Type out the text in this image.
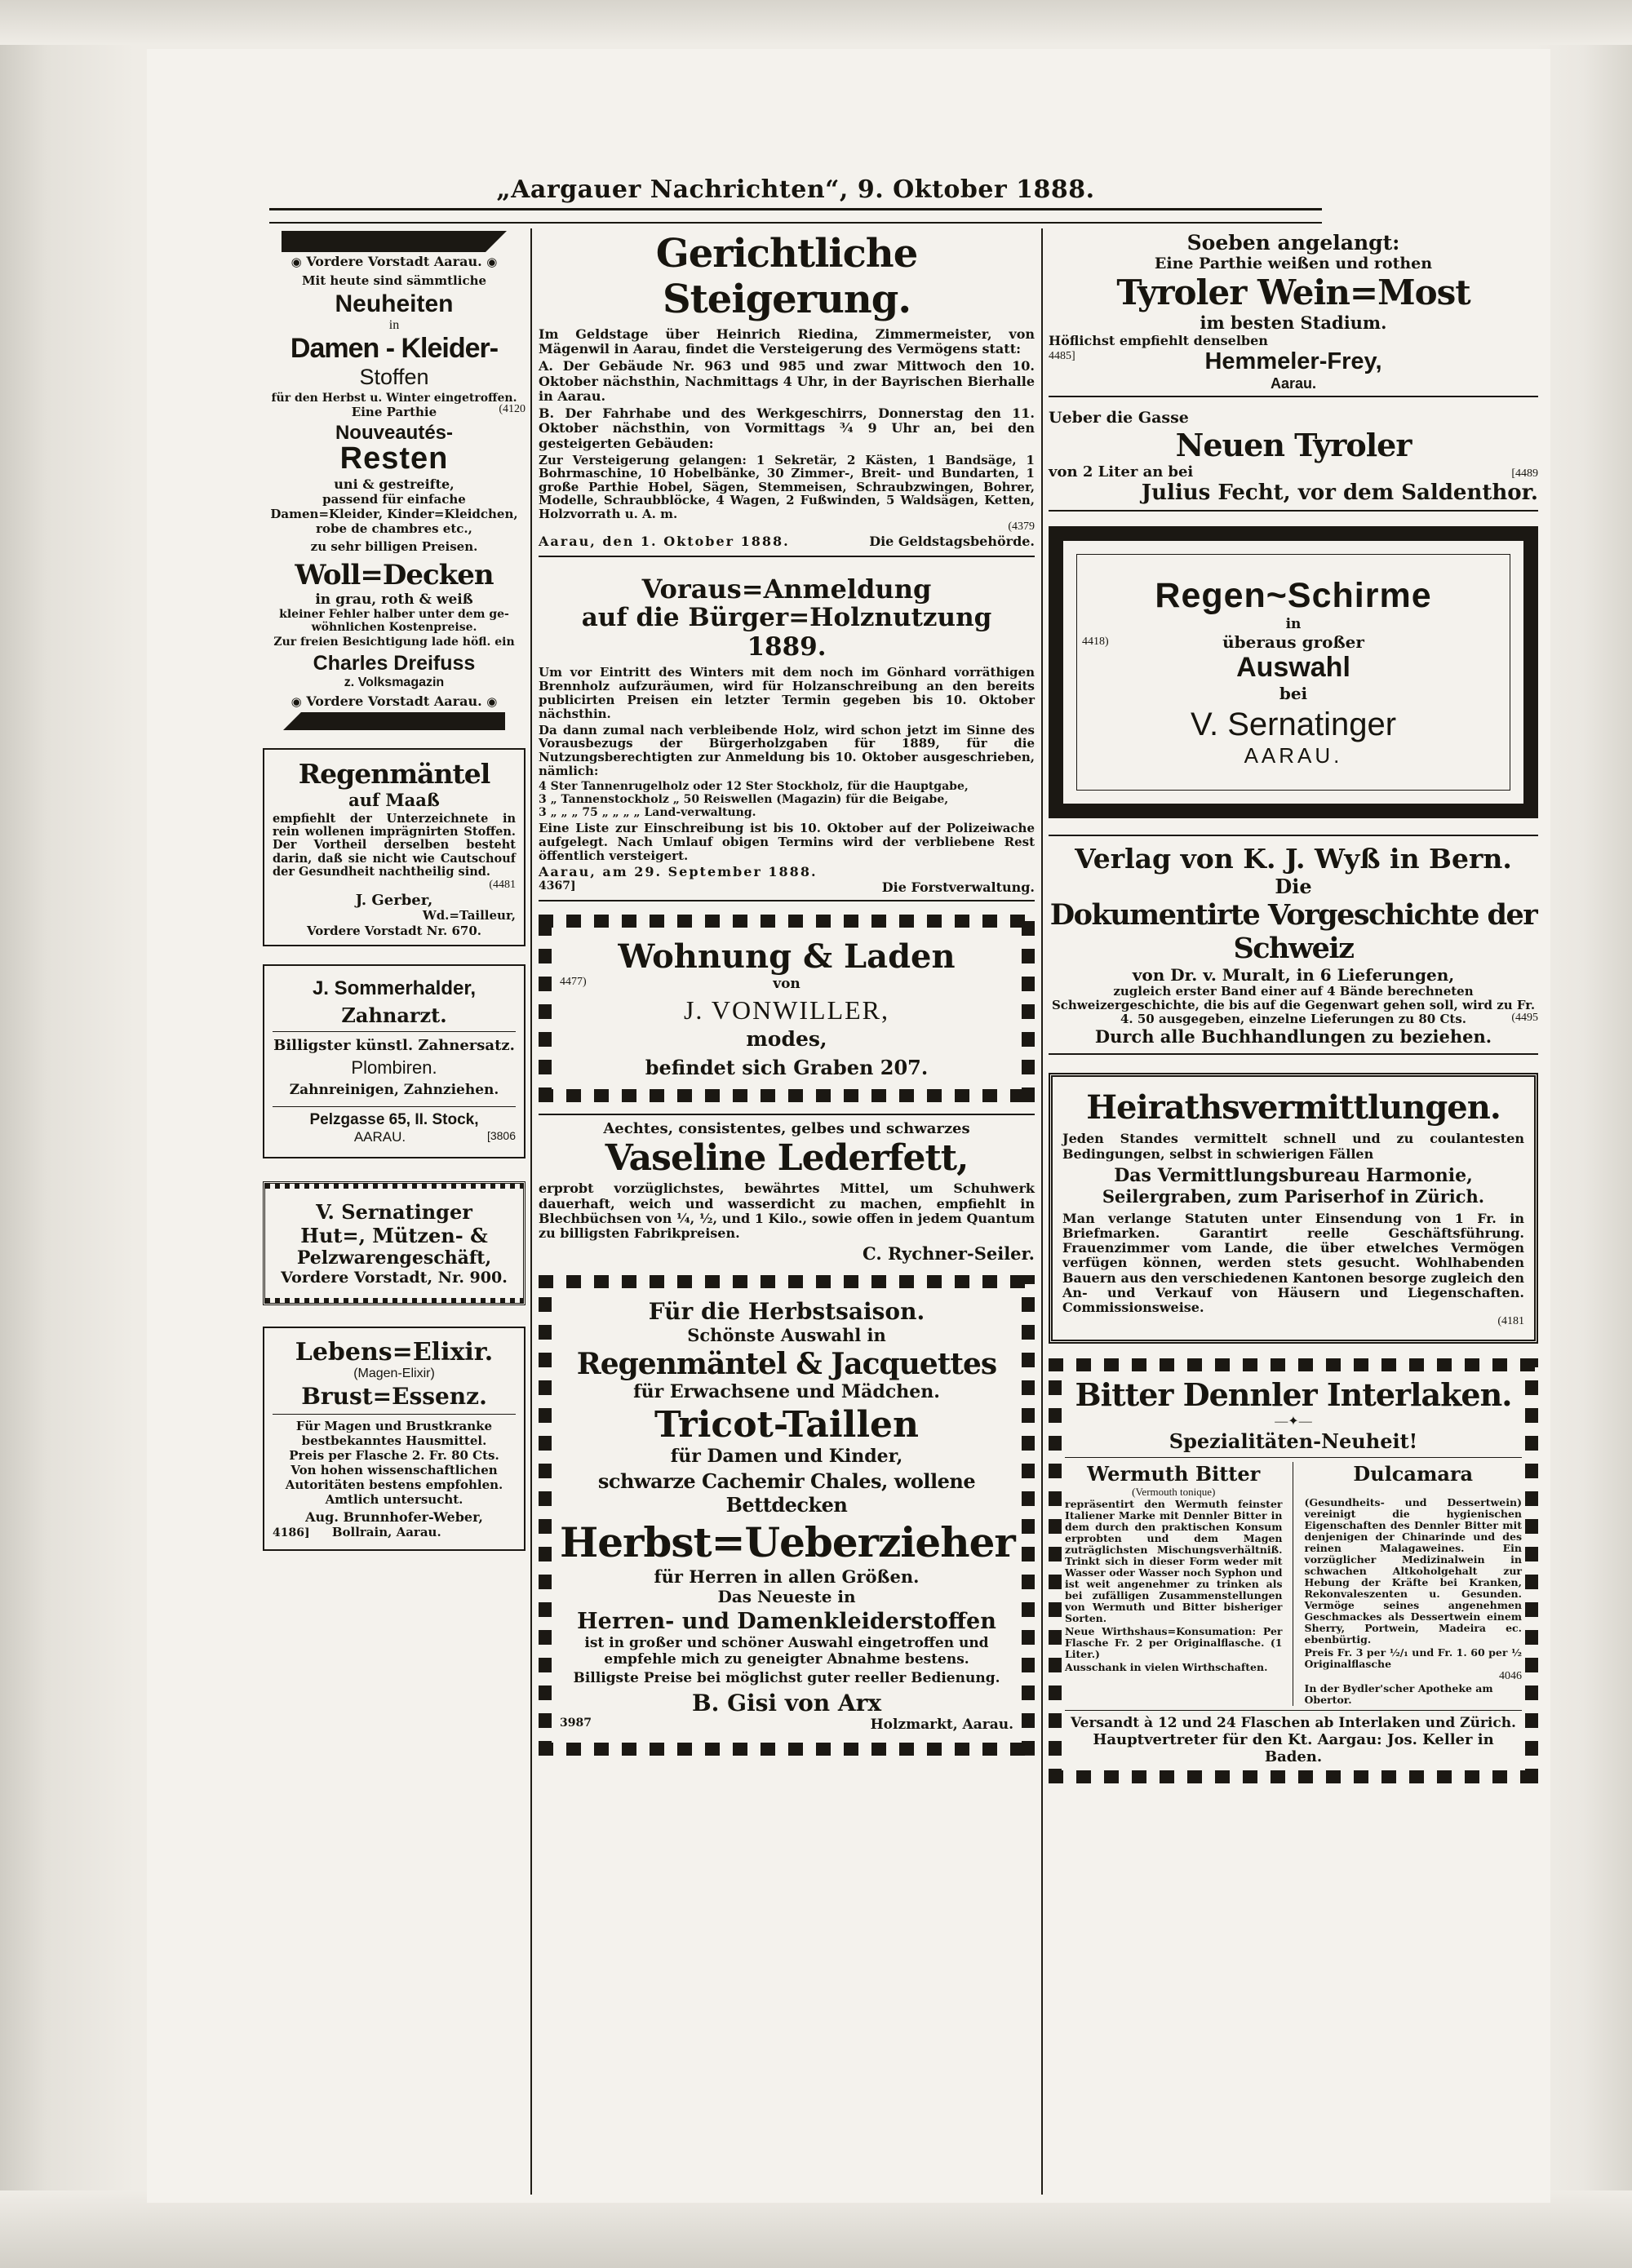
„Aargauer Nachrichten“, 9. Oktober 1888.
◉ Vordere Vorstadt Aarau. ◉
Mit heute sind sämmtliche
Neuheiten
in
Damen - Kleider-
Stoffen
für den Herbst u. Winter eingetroffen.
Eine Parthie	(4120
Nouveautés-
Resten
uni & gestreifte,
passend für einfache
Damen=Kleider, Kinder=Kleidchen,
robe de chambres etc.,
zu sehr billigen Preisen.
Woll=Decken
in grau, roth & weiß
kleiner Fehler halber unter dem ge-
wöhnlichen Kostenpreise.
Zur freien Besichtigung lade höfl. ein
Charles Dreifuss
z. Volksmagazin
◉ Vordere Vorstadt Aarau. ◉
Regenmäntel
auf Maaß
empfiehlt der Unterzeichnete in rein wollenen imprägnirten Stoffen. Der Vortheil derselben besteht darin, daß sie nicht wie Cautschouf der Gesundheit nachtheilig sind.
(4481
J. Gerber,
Wd.=Tailleur,
Vordere Vorstadt Nr. 670.
J. Sommerhalder,
Zahnarzt.
Billigster künstl. Zahnersatz.
Plombiren.
Zahnreinigen, Zahnziehen.
Pelzgasse 65, II. Stock,
AARAU.	[3806
V. Sernatinger
Hut=, Mützen- &
Pelzwarengeschäft,
Vordere Vorstadt, Nr. 900.
Lebens=Elixir.
(Magen-Elixir)
Brust=Essenz.
Für Magen und Brustkranke
bestbekanntes Hausmittel.
Preis per Flasche 2. Fr. 80 Cts.
Von hohen wissenschaftlichen
Autoritäten bestens empfohlen.
Amtlich untersucht.
Aug. Brunnhofer-Weber,
4186] Bollrain, Aarau.
Gerichtliche Steigerung.
Im Geldstage über Heinrich Riedina, Zimmermeister, von Mägenwil in Aarau, findet die Versteigerung des Vermögens statt:
A. Der Gebäude Nr. 963 und 985 und zwar Mittwoch den 10. Oktober nächsthin, Nachmittags 4 Uhr, in der Bayrischen Bierhalle in Aarau.
B. Der Fahrhabe und des Werkgeschirrs, Donnerstag den 11. Oktober nächsthin, von Vormittags ¾ 9 Uhr an, bei den gesteigerten Gebäuden:
Zur Versteigerung gelangen: 1 Sekretär, 2 Kästen, 1 Bandsäge, 1 Bohrmaschine, 10 Hobelbänke, 30 Zimmer-, Breit- und Bundarten, 1 große Parthie Hobel, Sägen, Stemmeisen, Schraubzwingen, Bohrer, Modelle, Schraubblöcke, 4 Wagen, 2 Fußwinden, 5 Waldsägen, Ketten, Holzvorrath u. A. m.
(4379
Aarau, den 1. Oktober 1888.	Die Geldstagsbehörde.
Voraus=Anmeldung
auf die Bürger=Holznutzung 1889.
Um vor Eintritt des Winters mit dem noch im Gönhard vorräthigen Brennholz aufzuräumen, wird für Holzanschreibung an den bereits publicirten Preisen ein letzter Termin gegeben bis 10. Oktober nächsthin.
Da dann zumal nach verbleibende Holz, wird schon jetzt im Sinne des Vorausbezugs der Bürgerholzgaben für 1889, für die Nutzungsberechtigten zur Anmeldung bis 10. Oktober ausgeschrieben, nämlich:
4 Ster Tannenrugelholz oder 12 Ster Stockholz, für die Hauptgabe,
3 „ Tannenstockholz „ 50 Reiswellen (Magazin) für die Beigabe,
3 „ „ „ 75 „ „ „ „ Land-verwaltung.
Eine Liste zur Einschreibung ist bis 10. Oktober auf der Polizeiwache aufgelegt. Nach Umlauf obigen Termins wird der verbliebene Rest öffentlich versteigert.
Aarau, am 29. September 1888.
4367]	Die Forstverwaltung.
Wohnung & Laden
4477)	von
J. VONWILLER,
modes,
befindet sich Graben 207.
Aechtes, consistentes, gelbes und schwarzes
Vaseline Lederfett,
erprobt vorzüglichstes, bewährtes Mittel, um Schuhwerk dauerhaft, weich und wasserdicht zu machen, empfiehlt in Blechbüchsen von ¼, ½, und 1 Kilo., sowie offen in jedem Quantum zu billigsten Fabrikpreisen.
C. Rychner-Seiler.
Für die Herbstsaison.
Schönste Auswahl in
Regenmäntel & Jacquettes
für Erwachsene und Mädchen.
Tricot-Taillen
für Damen und Kinder,
schwarze Cachemir Chales, wollene Bettdecken
Herbst=Ueberzieher
für Herren in allen Größen.
Das Neueste in
Herren- und Damenkleiderstoffen
ist in großer und schöner Auswahl eingetroffen und empfehle mich zu geneigter Abnahme bestens.
Billigste Preise bei möglichst guter reeller Bedienung.
B. Gisi von Arx
3987	Holzmarkt, Aarau.
Soeben angelangt:
Eine Parthie weißen und rothen
Tyroler Wein=Most
im besten Stadium.
Höflichst empfiehlt denselben
4485]	Hemmeler-Frey,
Aarau.
Ueber die Gasse
Neuen Tyroler
von 2 Liter an bei	[4489
Julius Fecht, vor dem Saldenthor.
Regen~Schirme
in
4418)	überaus großer
Auswahl
bei
V. Sernatinger
AARAU.
Verlag von K. J. Wyß in Bern.
Die
Dokumentirte Vorgeschichte der Schweiz
von Dr. v. Muralt, in 6 Lieferungen,
zugleich erster Band einer auf 4 Bände berechneten Schweizergeschichte, die bis auf die Gegenwart gehen soll, wird zu Fr. 4. 50 ausgegeben, einzelne Lieferungen zu 80 Cts.
Durch alle Buchhandlungen zu beziehen.
(4495
Heirathsvermittlungen.
Jeden Standes vermittelt schnell und zu coulantesten Bedingungen, selbst in schwierigen Fällen
Das Vermittlungsbureau Harmonie,
Seilergraben, zum Pariserhof in Zürich.
Man verlange Statuten unter Einsendung von 1 Fr. in Briefmarken. Garantirt reelle Geschäftsführung. Frauenzimmer vom Lande, die über etwelches Vermögen verfügen können, werden stets gesucht. Wohlhabenden Bauern aus den verschiedenen Kantonen besorge zugleich den An- und Verkauf von Häusern und Liegenschaften. Commissionsweise.
(4181
Bitter Dennler Interlaken.
—✦—
Spezialitäten-Neuheit!
Wermuth Bitter
(Vermouth tonique)
repräsentirt den Wermuth feinster Italiener Marke mit Dennler Bitter in dem durch den praktischen Konsum erprobten und dem Magen zuträglichsten Mischungsverhältniß. Trinkt sich in dieser Form weder mit Wasser oder Wasser noch Syphon und ist weit angenehmer zu trinken als bei zufälligen Zusammenstellungen von Wermuth und Bitter bisheriger Sorten.
Neue Wirthshaus=Konsumation: Per Flasche Fr. 2 per Originalflasche. (1 Liter.)
Ausschank in vielen Wirthschaften.
Dulcamara
(Gesundheits- und Dessertwein) vereinigt die hygienischen Eigenschaften des Dennler Bitter mit denjenigen der Chinarinde und des reinen Malagaweines. Ein vorzüglicher Medizinalwein in schwachen Altkoholgehalt zur Hebung der Kräfte bei Kranken, Rekonvaleszenten u. Gesunden. Vermöge seines angenehmen Geschmackes als Dessertwein einem Sherry, Portwein, Madeira ec. ebenbürtig.
Preis Fr. 3 per ½/₁ und Fr. 1. 60 per ½ Originalflasche
4046
In der Bydler'scher Apotheke am Obertor.
Versandt à 12 und 24 Flaschen ab Interlaken und Zürich.
Hauptvertreter für den Kt. Aargau: Jos. Keller in Baden.
